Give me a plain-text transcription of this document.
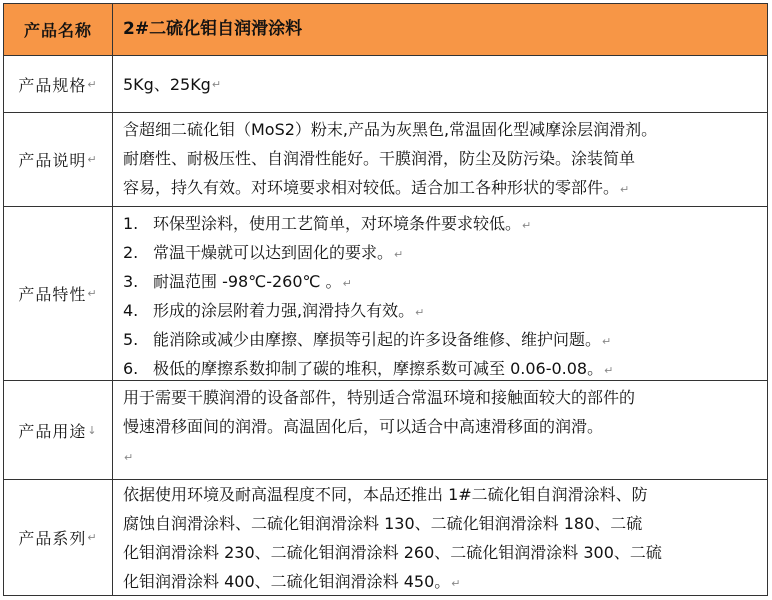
产品名称	2#二硫化钼自润滑涂料
产品规格 ↵ 5Kg、25Kg ↵
产品说明 ↵
含超细二硫化钼（MoS2）粉末,产品为灰黑色,常温固化型减摩涂层润滑剂。
耐磨性、耐极压性、自润滑性能好。干膜润滑，防尘及防污染。涂装简单
容易，持久有效。对环境要求相对较低。适合加工各种形状的零部件。↵
产品特性 ↵
1. 环保型涂料，使用工艺简单，对环境条件要求较低。↵
2. 常温干燥就可以达到固化的要求。↵
3. 耐温范围 -98℃-260℃ 。↵
4. 形成的涂层附着力强,润滑持久有效。↵
5. 能消除或减少由摩擦、摩损等引起的许多设备维修、维护问题。↵
6. 极低的摩擦系数抑制了碳的堆积，摩擦系数可减至 0.06-0.08。↵
产品用途 ↓
用于需要干膜润滑的设备部件，特别适合常温环境和接触面较大的部件的
慢速滑移面间的润滑。高温固化后，可以适合中高速滑移面的润滑。
↵
产品系列 ↵
依据使用环境及耐高温程度不同，本品还推出 1#二硫化钼自润滑涂料、防
腐蚀自润滑涂料、二硫化钼润滑涂料 130、二硫化钼润滑涂料 180、二硫
化钼润滑涂料 230、二硫化钼润滑涂料 260、二硫化钼润滑涂料 300、二硫
化钼润滑涂料 400、二硫化钼润滑涂料 450。↵
